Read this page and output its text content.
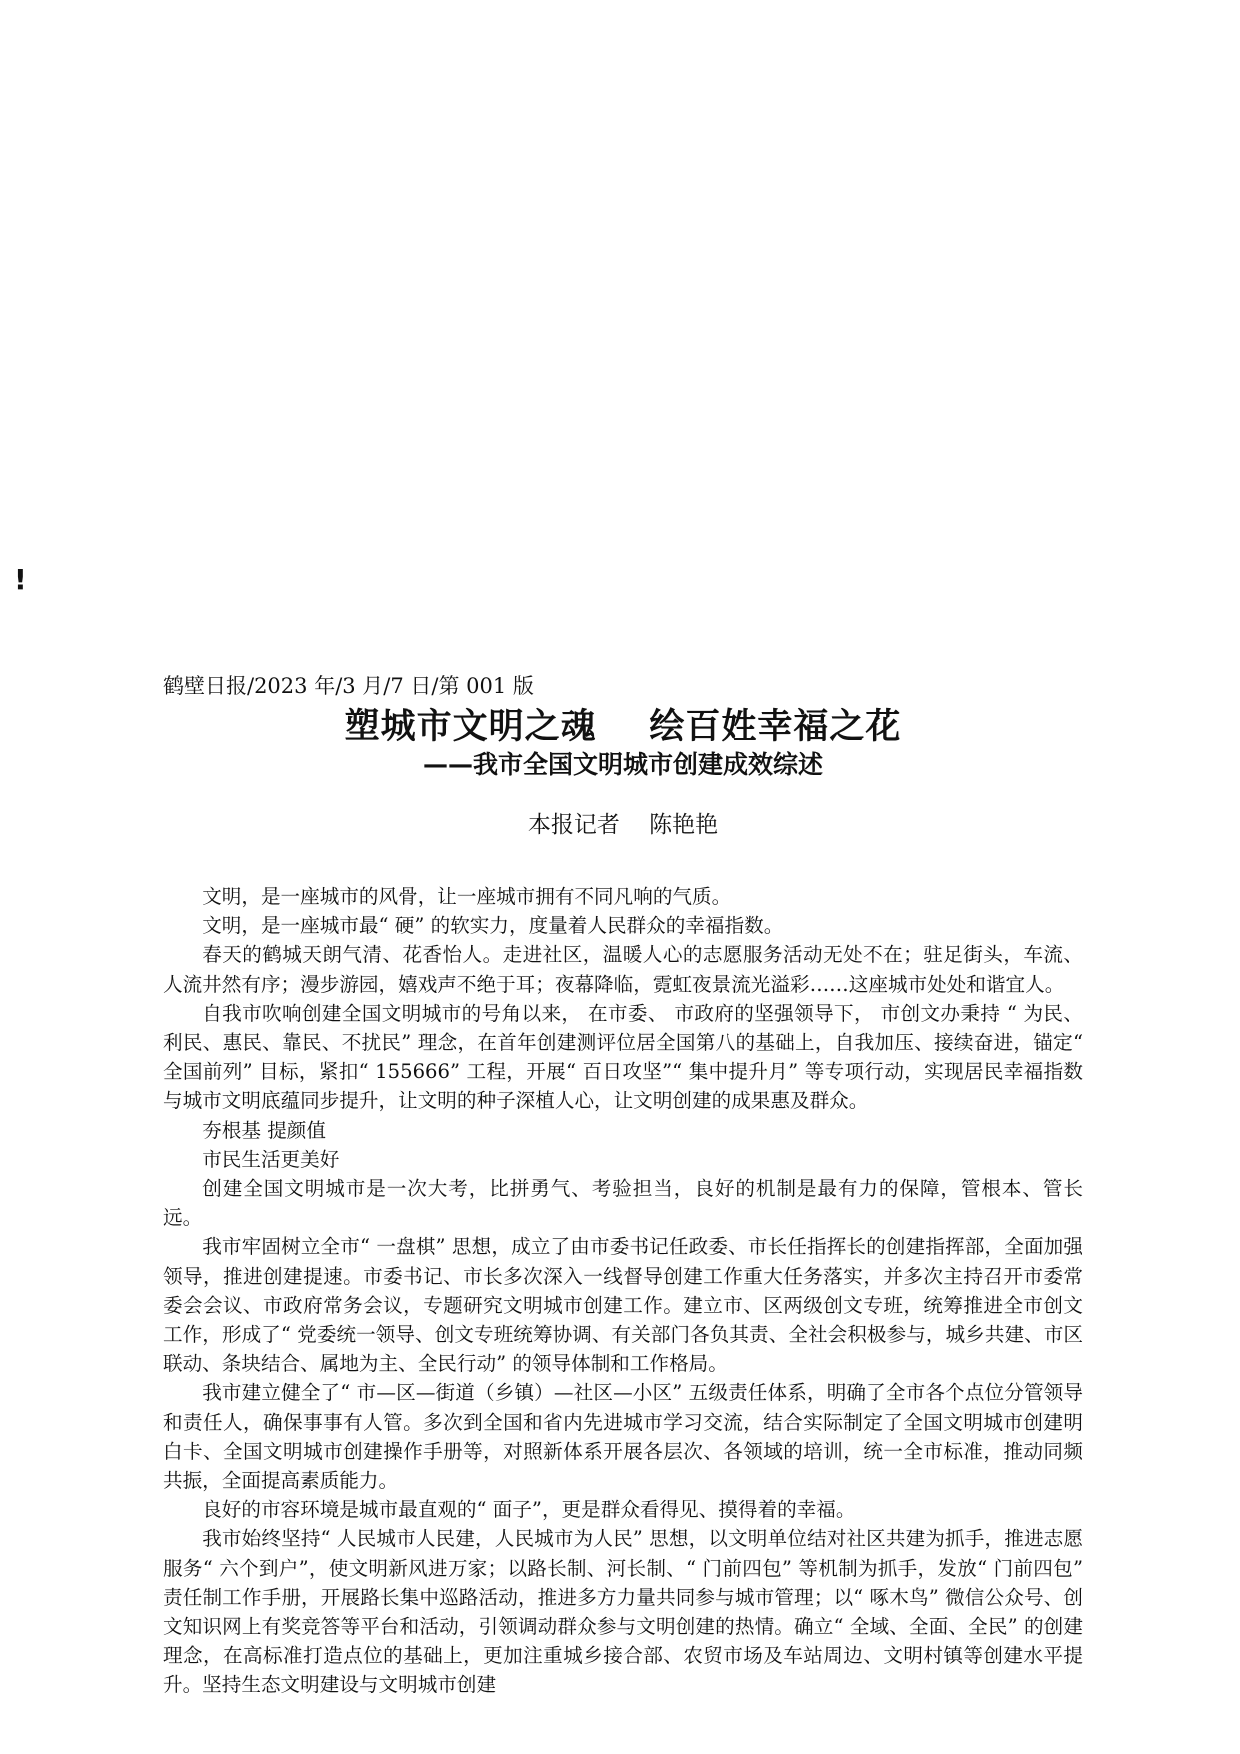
!

鹤壁日报/2023 年/3 月/7 日/第 001 版

塑城市文明之魂    绘百姓幸福之花
——我市全国文明城市创建成效综述
本报记者    陈艳艳

文明，是一座城市的风骨，让一座城市拥有不同凡响的气质。

文明，是一座城市最“ 硬” 的软实力，度量着人民群众的幸福指数。

春天的鹤城天朗气清、花香怡人。走进社区，温暖人心的志愿服务活动无处不在；驻足街头，车流、人流井然有序；漫步游园，嬉戏声不绝于耳；夜幕降临，霓虹夜景流光溢彩……这座城市处处和谐宜人。

自我市吹响创建全国文明城市的号角以来， 在市委、 市政府的坚强领导下， 市创文办秉持 “ 为民、利民、惠民、靠民、不扰民” 理念，在首年创建测评位居全国第八的基础上，自我加压、接续奋进，锚定“ 全国前列” 目标，紧扣“ 155666” 工程，开展“ 百日攻坚”“ 集中提升月” 等专项行动，实现居民幸福指数与城市文明底蕴同步提升，让文明的种子深植人心，让文明创建的成果惠及群众。

夯根基 提颜值

市民生活更美好

创建全国文明城市是一次大考，比拼勇气、考验担当，良好的机制是最有力的保障，管根本、管长远。

我市牢固树立全市“ 一盘棋” 思想，成立了由市委书记任政委、市长任指挥长的创建指挥部，全面加强领导，推进创建提速。市委书记、市长多次深入一线督导创建工作重大任务落实，并多次主持召开市委常委会会议、市政府常务会议，专题研究文明城市创建工作。建立市、区两级创文专班，统筹推进全市创文工作，形成了“ 党委统一领导、创文专班统筹协调、有关部门各负其责、全社会积极参与，城乡共建、市区联动、条块结合、属地为主、全民行动” 的领导体制和工作格局。

我市建立健全了“ 市—区—街道（乡镇）—社区—小区” 五级责任体系，明确了全市各个点位分管领导和责任人，确保事事有人管。多次到全国和省内先进城市学习交流，结合实际制定了全国文明城市创建明白卡、全国文明城市创建操作手册等，对照新体系开展各层次、各领域的培训，统一全市标准，推动同频共振，全面提高素质能力。

良好的市容环境是城市最直观的“ 面子”，更是群众看得见、摸得着的幸福。

我市始终坚持“ 人民城市人民建，人民城市为人民” 思想，以文明单位结对社区共建为抓手，推进志愿服务“ 六个到户”，使文明新风进万家；以路长制、河长制、“ 门前四包” 等机制为抓手，发放“ 门前四包” 责任制工作手册，开展路长集中巡路活动，推进多方力量共同参与城市管理；以“ 啄木鸟” 微信公众号、创文知识网上有奖竞答等平台和活动，引领调动群众参与文明创建的热情。确立“ 全域、全面、全民” 的创建理念，在高标准打造点位的基础上，更加注重城乡接合部、农贸市场及车站周边、文明村镇等创建水平提升。坚持生态文明建设与文明城市创建
